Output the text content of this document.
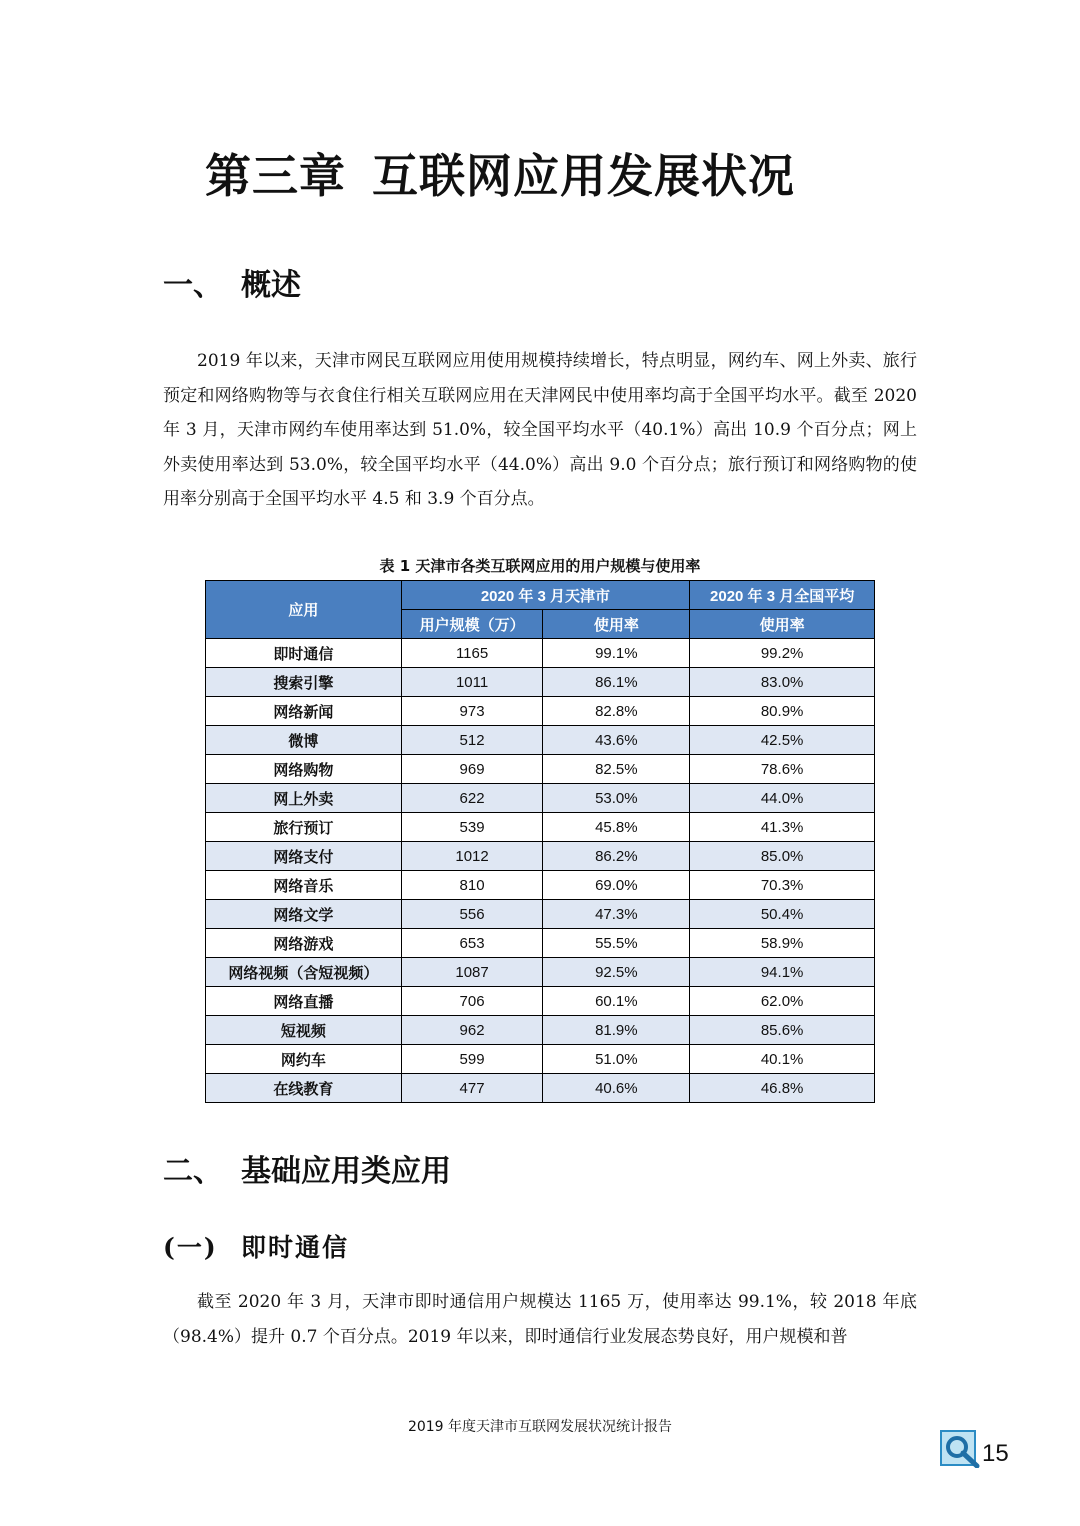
第三章 互联网应用发展状况
一、 概述

2019 年以来，天津市网民互联网应用使用规模持续增长，特点明显，网约车、网上外卖、旅行预定和网络购物等与衣食住行相关互联网应用在天津网民中使用率均高于全国平均水平。截至 2020 年 3 月，天津市网约车使用率达到 51.0%，较全国平均水平（40.1%）高出 10.9 个百分点；网上外卖使用率达到 53.0%，较全国平均水平（44.0%）高出 9.0 个百分点；旅行预订和网络购物的使用率分别高于全国平均水平 4.5 和 3.9 个百分点。

表 1 天津市各类互联网应用的用户规模与使用率

应用	2020 年 3 月天津市		2020 年 3 月全国平均
	用户规模（万）	使用率	使用率
即时通信	1165	99.1%	99.2%
搜索引擎	1011	86.1%	83.0%
网络新闻	973	82.8%	80.9%
微博	512	43.6%	42.5%
网络购物	969	82.5%	78.6%
网上外卖	622	53.0%	44.0%
旅行预订	539	45.8%	41.3%
网络支付	1012	86.2%	85.0%
网络音乐	810	69.0%	70.3%
网络文学	556	47.3%	50.4%
网络游戏	653	55.5%	58.9%
网络视频（含短视频）	1087	92.5%	94.1%
网络直播	706	60.1%	62.0%
短视频	962	81.9%	85.6%
网约车	599	51.0%	40.1%
在线教育	477	40.6%	46.8%
二、 基础应用类应用
(一) 即时通信

截至 2020 年 3 月，天津市即时通信用户规模达 1165 万，使用率达 99.1%，较 2018 年底（98.4%）提升 0.7 个百分点。2019 年以来，即时通信行业发展态势良好，用户规模和普

2019 年度天津市互联网发展状况统计报告

15
